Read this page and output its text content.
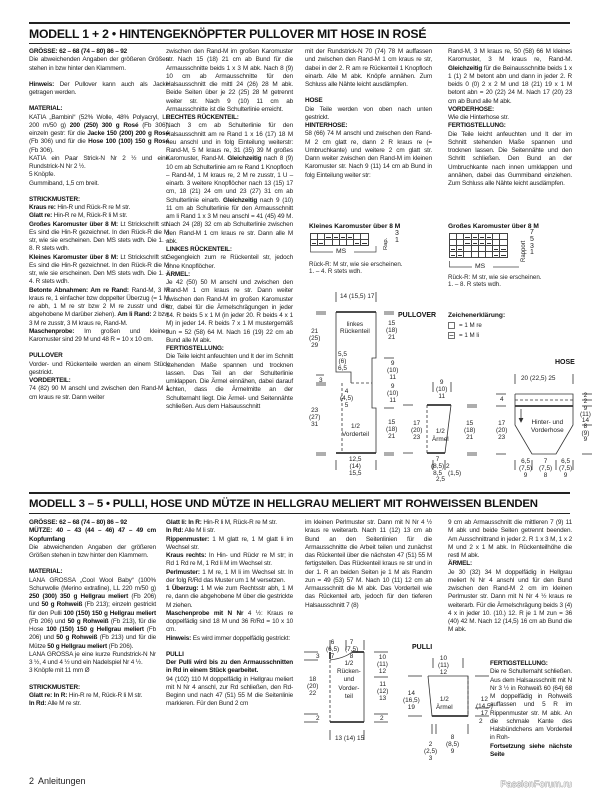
MODELL 1 + 2 • HINTENGEKNÖPFTER PULLOVER MIT HOSE IN ROSÉ

GRÖSSE: 62 – 68 (74 – 80) 86 – 92

Die abweichenden Angaben der größeren Größen stehen in bzw hinter den Klammern.

Hinweis: Der Pullover kann auch als Jacke getragen werden.

MATERIAL:

KATIA „Bambini“ (52% Wolle, 48% Polyacryl, LL 200 m/50 g) 200 (250) 300 g Rosé (Fb 306); einzeln gestr: für die Jacke 150 (200) 200 g Rosé (Fb 306) und für die Hose 100 (100) 150 g Rosé (Fb 306).

KATIA ein Paar Strick-N Nr 2 ½ und eine Rundstrick-N Nr 2 ½.

5 Knöpfe.

Gummiband, 1,5 cm breit.

STRICKMUSTER:

Kraus re: Hin-R und Rück-R re M str.

Glatt re: Hin-R re M, Rück-R li M str.

Großes Karomuster über 8 M: Lt Strickschrift str. Es sind die Hin-R gezeichnet. In den Rück-R die M str, wie sie erscheinen. Den MS stets wdh. Die 1. – 8. R stets wdh.

Kleines Karomuster über 8 M: Lt Strickschrift str. Es sind die Hin-R gezeichnet. In den Rück-R die M str, wie sie erscheinen. Den MS stets wdh. Die 1. – 4. R stets wdh.

Betonte Abnahmen: Am re Rand: Rand-M, 3 M kraus re, 1 einfacher bzw doppelter Überzug (= 1 M re abh, 1 M re str bzw 2 M re zusstr und die abgehobene M darüber ziehen). Am li Rand: 2 bzw 3 M re zusstr, 3 M kraus re, Rand-M.

Maschenprobe: Im großen und kleinen Karomuster sind 29 M und 48 R = 10 x 10 cm.

PULLOVER

Vorder- und Rückenteile werden an einem Stück gestrickt.

VORDERTEIL:

74 (82) 90 M anschl und zwischen den Rand-M 1 cm kraus re str. Dann weiter

zwischen den Rand-M im großen Karomuster str. Nach 15 (18) 21 cm ab Bund für die Armausschnitte beids 1 x 3 M abk. Nach 8 (9) 10 cm ab Armausschnitte für den Halsausschnitt die mittl 24 (26) 28 M abk. Beide Seiten über je 22 (25) 28 M getrennt weiter str. Nach 9 (10) 11 cm ab Armausschnitte ist die Schulterlinie erreicht.

RECHTES RÜCKENTEIL:

Nach 3 cm ab Schulterlinie für den Halsausschnitt am re Rand 1 x 16 (17) 18 M neu anschl und in folg Einteilung weiterstr: Rand-M, 5 M kraus re, 31 (35) 39 M großes Karomuster, Rand-M. Gleichzeitig nach 8 (9) 10 cm ab Schulterlinie am re Rand 1 Knopfloch – Rand-M, 1 M kraus re, 2 M re zusstr, 1 U – einarb. 3 weitere Knopflöcher nach 13 (15) 17 cm, 18 (21) 24 cm und 23 (27) 31 cm ab Schulterlinie einarb. Gleichzeitig nach 9 (10) 11 cm ab Schulterlinie für den Armausschnitt am li Rand 1 x 3 M neu anschl = 41 (45) 49 M. Nach 24 (28) 32 cm ab Schulterlinie zwischen den Rand-M 1 cm kraus re str. Dann alle M abk.

LINKES RÜCKENTEIL:

Gegengleich zum re Rückenteil str, jedoch ohne Knopflöcher.

ÄRMEL:

Je 42 (50) 50 M anschl und zwischen den Rand-M 1 cm kraus re str. Dann weiter zwischen den Rand-M im großen Karomuster str, dabei für die Ärmelschrägungen in jeder 14. R beids 5 x 1 M (in jeder 20. R beids 4 x 1 M) in jeder 14. R beids 7 x 1 M mustergemäß zun = 52 (58) 64 M. Nach 16 (19) 22 cm ab Bund alle M abk.

FERTIGSTELLUNG:

Die Teile leicht anfeuchten und lt der im Schnitt stehenden Maße spannen und trocknen lassen. Das Teil an der Schulterlinie umklappen. Die Ärmel einnähen, dabei darauf achten, dass die Ärmelmitte an der Schulternaht liegt. Die Ärmel- und Seitennähte schließen. Aus dem Halsausschnitt

mit der Rundstrick-N 70 (74) 78 M auffassen und zwischen den Rand-M 1 cm kraus re str, dabei in der 2. R am re Rückenteil 1 Knopfloch einarb. Alle M abk. Knöpfe annähen. Zum Schluss alle Nähte leicht ausdämpfen.

HOSE

Die Teile werden von oben nach unten gestrickt.

HINTERHOSE:

58 (66) 74 M anschl und zwischen den Rand-M 2 cm glatt re, dann 2 R kraus re (= Umbruchkante) und weitere 2 cm glatt str. Dann weiter zwischen den Rand-M im kleinen Karomuster str. Nach 9 (11) 14 cm ab Bund in folg Einteilung weiter str:

Rand-M, 3 M kraus re, 50 (58) 66 M kleines Karomuster, 3 M kraus re, Rand-M. Gleichzeitig für die Beinausschnitte beids 1 x 1 (1) 2 M betont abn und dann in jeder 2. R beids 0 (0) 2 x 2 M und 18 (21) 19 x 1 M betont abn = 20 (22) 24 M. Nach 17 (20) 23 cm ab Bund alle M abk.

VORDERHOSE:

Wie die Hinterhose str.

FERTIGSTELLUNG:

Die Teile leicht anfeuchten und lt der im Schnitt stehenden Maße spannen und trocknen lassen. Die Seitennähte und den Schritt schließen. Den Bund an der Umbruchkante nach innen umklappen und annähen, dabei das Gummiband einziehen. Zum Schluss alle Nähte leicht ausdämpfen.

Kleines Karomuster über 8 M

Rap.
3
1
MS
Rück-R: M str, wie sie erscheinen.
1. – 4. R stets wdh.
Großes Karomuster über 8 M

Rapport
7
5
3
1
MS
Rück-R: M str, wie sie erscheinen.
1. – 8. R stets wdh.
Zeichenerklärung:
= 1 M re
= 1 M li
PULLOVER
HOSE
14 (15,5) 17
linkes
Rückenteil
21
(25)
29
15
(18)
21
5,5
(6)
6,5
9
(10)
11
3
9
(10)
11
4
(4,5)
5
23
(27)
31	15
(18)
21
1/2
Vorderteil
12,5
(14)
15,5
9
(10)
11
17
(20)
23
15
(18)
21
1/2
Ärmel
7
(8,5)
8,5
2
(1,5)
2,5
20 (22,5) 25
4
17
(20)
23
Hinter- und
Vorderhose
2
2
9
(11)
14
8
(9)
9
6,5
(7,5)
9
7
(7,5)
8
6,5
(7,5)
9
MODELL 3 – 5 • PULLI, HOSE UND MÜTZE IN HELLGRAU MELIERT MIT ROHWEISSEN BLENDEN

GRÖSSE: 62 – 68 (74 – 80) 86 – 92

MÜTZE: 40 – 43 (44 – 46) 47 – 49 cm Kopfumfang

Die abweichenden Angaben der größeren Größen stehen in bzw hinter den Klammern.

MATERIAL:

LANA GROSSA „Cool Wool Baby“ (100% Schurwolle (Merino extrafine), LL 220 m/50 g) 250 (300) 350 g Hellgrau meliert (Fb 206) und 50 g Rohweiß (Fb 213); einzeln gestrickt für den Pulli 100 (150) 150 g Hellgrau meliert (Fb 206) und 50 g Rohweiß (Fb 213), für die Hose 100 (150) 150 g Hellgrau meliert (Fb 206) und 50 g Rohweiß (Fb 213) und für die Mütze 50 g Hellgrau meliert (Fb 206).

LANA GROSSA je eine kurze Rundstrick-N Nr 3 ½, 4 und 4 ½ und ein Nadelspiel Nr 4 ½.

3 Knöpfe mit 11 mm Ø

STRICKMUSTER:

Glatt re: In R: Hin-R re M, Rück-R li M str.

In Rd: Alle M re str.

Glatt li: In R: Hin-R li M, Rück-R re M str.

In Rd: Alle M li str.

Rippenmuster: 1 M glatt re, 1 M glatt li im Wechsel str.

Kraus rechts: In Hin- und Rückr re M str; in Rd 1 Rd re M, 1 Rd li M im Wechsel str.

Perlmuster: 1 M re, 1 M li im Wechsel str. In der folg R/Rd das Muster um 1 M versetzen.

1 Überzug: 1 M wie zum Rechtsstr abh, 1 M re, dann die abgehobene M über die gestrickte M ziehen.

Maschenprobe mit N Nr 4 ½: Kraus re doppelfädig sind 18 M und 36 R/Rd = 10 x 10 cm.

Hinweis: Es wird immer doppelfädig gestrickt:

PULLI

Der Pulli wird bis zu den Armausschnitten in Rd in einem Stück gearbeitet.

94 (102) 110 M doppelfädig in Hellgrau meliert mit N Nr 4 anschl, zur Rd schließen, den Rd-Beginn und nach 47 (51) 55 M die Seitenlinie markieren. Für den Bund 2 cm

im kleinen Perlmuster str. Dann mit N Nr 4 ½ kraus re weiterarb. Nach 11 (12) 13 cm ab Bund an den Seitenlinien für die Armausschnitte die Arbeit teilen und zunächst das Rückenteil über die nächsten 47 (51) 55 M fertigstellen. Das Rückenteil kraus re str und in der 1. R an beiden Seiten je 1 M als Randm zun = 49 (53) 57 M. Nach 10 (11) 12 cm ab Armausschnitt die M abk. Das Vorderteil wie das Rückenteil arb, jedoch für den tieferen Halsausschnitt 7 (8)

9 cm ab Armausschnitt die mittleren 7 (9) 11 M abk und beide Seiten getrennt beenden. Am Ausschnittrand in jeder 2. R 1 x 3 M, 1 x 2 M und 2 x 1 M abk. In Rückenteilhöhe die restl M abk.

ÄRMEL:

Je 30 (32) 34 M doppelfädig in Hellgrau meliert N Nr 4 anschl und für den Bund zwischen den Rand-M 2 cm im kleinen Perlmuster str. Dann mit N Nr 4 ½ kraus re weiterarb. Für die Ärmelschrägung beids 3 (4) 4 x in jeder 10. (10.) 12. R je 1 M zun = 36 (40) 42 M. Nach 12 (14,5) 16 cm ab Bund die M abk.

FERTIGSTELLUNG:

Die re Schulternaht schließen. Aus dem Halsausschnitt mit N Nr 3 ½ in Rohweiß 60 (64) 68 M doppelfädig in Rohweiß auffassen und 5 R im Rippenmuster str. M abk. An die schmale Kante des Halsbündchens am Vorderteil in Roh-

Fortsetzung siehe nächste Seite

PULLI
6
(6,5)
7
7
(7,5)
8
3
18
(20)
22
2
1/2
Rücken-
und
Vorder-
teil
10
(11)
12
11
(12)
13
2
13 (14) 15
10
(11)
12
14
(16,5)
19
1/2
Ärmel
12
(14,5)
17
2
8
(8,5)
9
2
(2,5)
3
2 Anleitungen	PassionForum.ru
